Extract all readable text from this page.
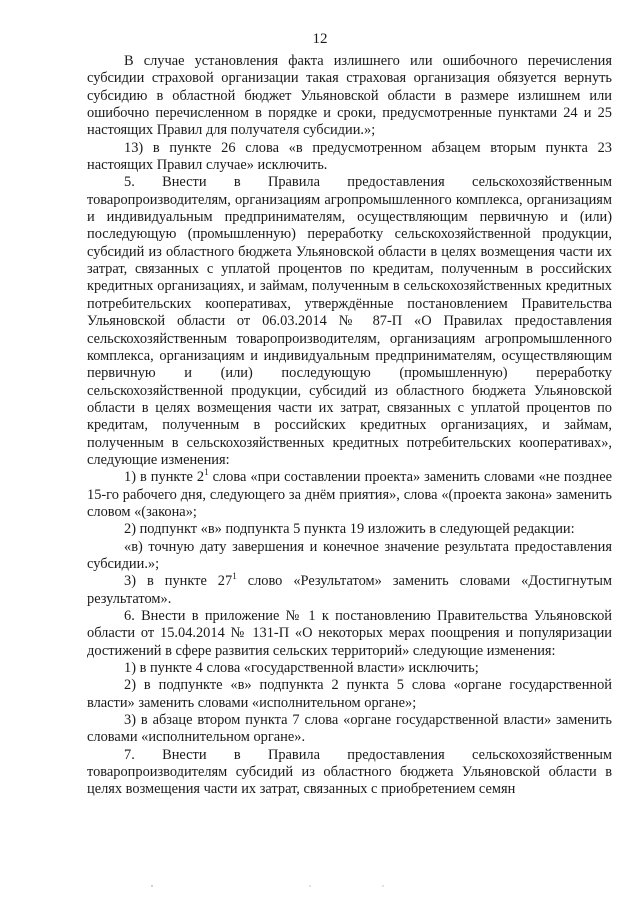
12

В случае установления факта излишнего или ошибочного перечисления субсидии страховой организации такая страховая организация обязуется вернуть субсидию в областной бюджет Ульяновской области в размере излишнем или ошибочно перечисленном в порядке и сроки, предусмотренные пунктами 24 и 25 настоящих Правил для получателя субсидии.»;

13) в пункте 26 слова «в предусмотренном абзацем вторым пункта 23 настоящих Правил случае» исключить.

5. Внести в Правила предоставления сельскохозяйственным товаропроизводителям, организациям агропромышленного комплекса, организациям и индивидуальным предпринимателям, осуществляющим первичную и (или) последующую (промышленную) переработку сельскохозяйственной продукции, субсидий из областного бюджета Ульяновской области в целях возмещения части их затрат, связанных с уплатой процентов по кредитам, полученным в российских кредитных организациях, и займам, полученным в сельскохозяйственных кредитных потребительских кооперативах, утверждённые постановлением Правительства Ульяновской области от 06.03.2014 № 87-П «О Правилах предоставления сельскохозяйственным товаропроизводителям, организациям агропромышленного комплекса, организациям и индивидуальным предпринимателям, осуществляющим первичную и (или) последующую (промышленную) переработку сельскохозяйственной продукции, субсидий из областного бюджета Ульяновской области в целях возмещения части их затрат, связанных с уплатой процентов по кредитам, полученным в российских кредитных организациях, и займам, полученным в сельскохозяйственных кредитных потребительских кооперативах», следующие изменения:

1) в пункте $2^1$ слова «при составлении проекта» заменить словами «не позднее 15-го рабочего дня, следующего за днём приятия», слова «(проекта закона» заменить словом «(закона»;

2) подпункт «в» подпункта 5 пункта 19 изложить в следующей редакции:

«в) точную дату завершения и конечное значение результата предоставления субсидии.»;

3) в пункте $27^1$ слово «Результатом» заменить словами «Достигнутым результатом».

6. Внести в приложение № 1 к постановлению Правительства Ульяновской области от 15.04.2014 № 131-П «О некоторых мерах поощрения и популяризации достижений в сфере развития сельских территорий» следующие изменения:

1) в пункте 4 слова «государственной власти» исключить;

2) в подпункте «в» подпункта 2 пункта 5 слова «органе государственной власти» заменить словами «исполнительном органе»;

3) в абзаце втором пункта 7 слова «органе государственной власти» заменить словами «исполнительном органе».

7. Внести в Правила предоставления сельскохозяйственным товаропроизводителям субсидий из областного бюджета Ульяновской области в целях возмещения части их затрат, связанных с приобретением семян
